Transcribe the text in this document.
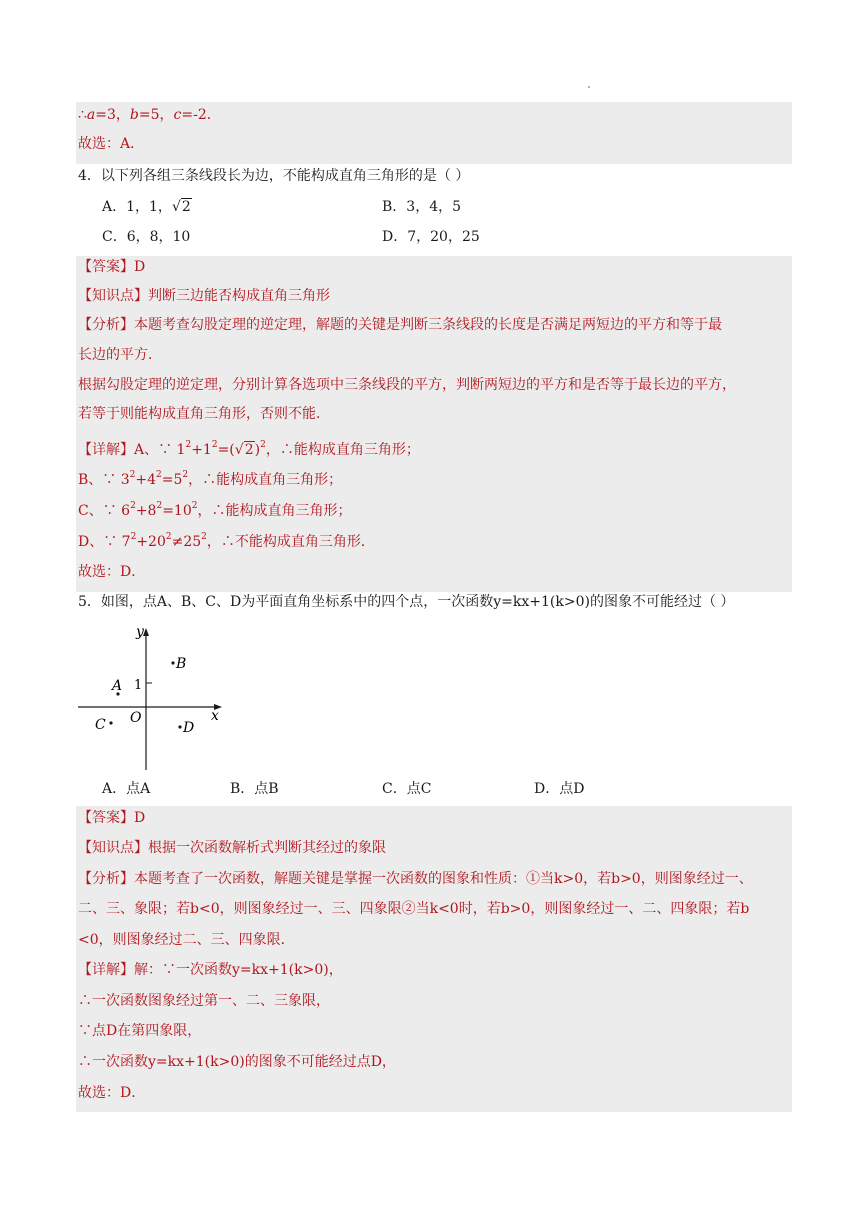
∴a=3，b=5，c=-2．
故选：A．
4．以下列各组三条线段长为边，不能构成直角三角形的是（ ）
A．1，1，√2	B．3，4，5
C．6，8，10	D．7，20，25
【答案】D
【知识点】判断三边能否构成直角三角形
【分析】本题考查勾股定理的逆定理，解题的关键是判断三条线段的长度是否满足两短边的平方和等于最
长边的平方．
根据勾股定理的逆定理，分别计算各选项中三条线段的平方，判断两短边的平方和是否等于最长边的平方，
若等于则能构成直角三角形，否则不能．
【详解】A、∵ $1^2+1^2=(√2)^2$，∴能构成直角三角形；
B、∵ $3^2+4^2=5^2$，∴能构成直角三角形；
C、∵ $6^2+8^2=10^2$，∴能构成直角三角形；
D、∵ $7^2+20^2\ne 25^2$，∴不能构成直角三角形．
故选：D．
5．如图，点A、B、C、D为平面直角坐标系中的四个点，一次函数y=kx+1(k>0)的图象不可能经过（ ）
y
x
O
1
B
A
C	D
A．点A	B．点B	C．点C	D．点D
【答案】D
【知识点】根据一次函数解析式判断其经过的象限
【分析】本题考查了一次函数，解题关键是掌握一次函数的图象和性质：①当k>0，若b>0，则图象经过一、
二、三、象限；若b<0，则图象经过一、三、四象限②当k<0时，若b>0，则图象经过一、二、四象限；若b
<0，则图象经过二、三、四象限．
【详解】解：∵一次函数y=kx+1(k>0)，
∴一次函数图象经过第一、二、三象限，
∵点D在第四象限，
∴一次函数y=kx+1(k>0)的图象不可能经过点D，
故选：D．
